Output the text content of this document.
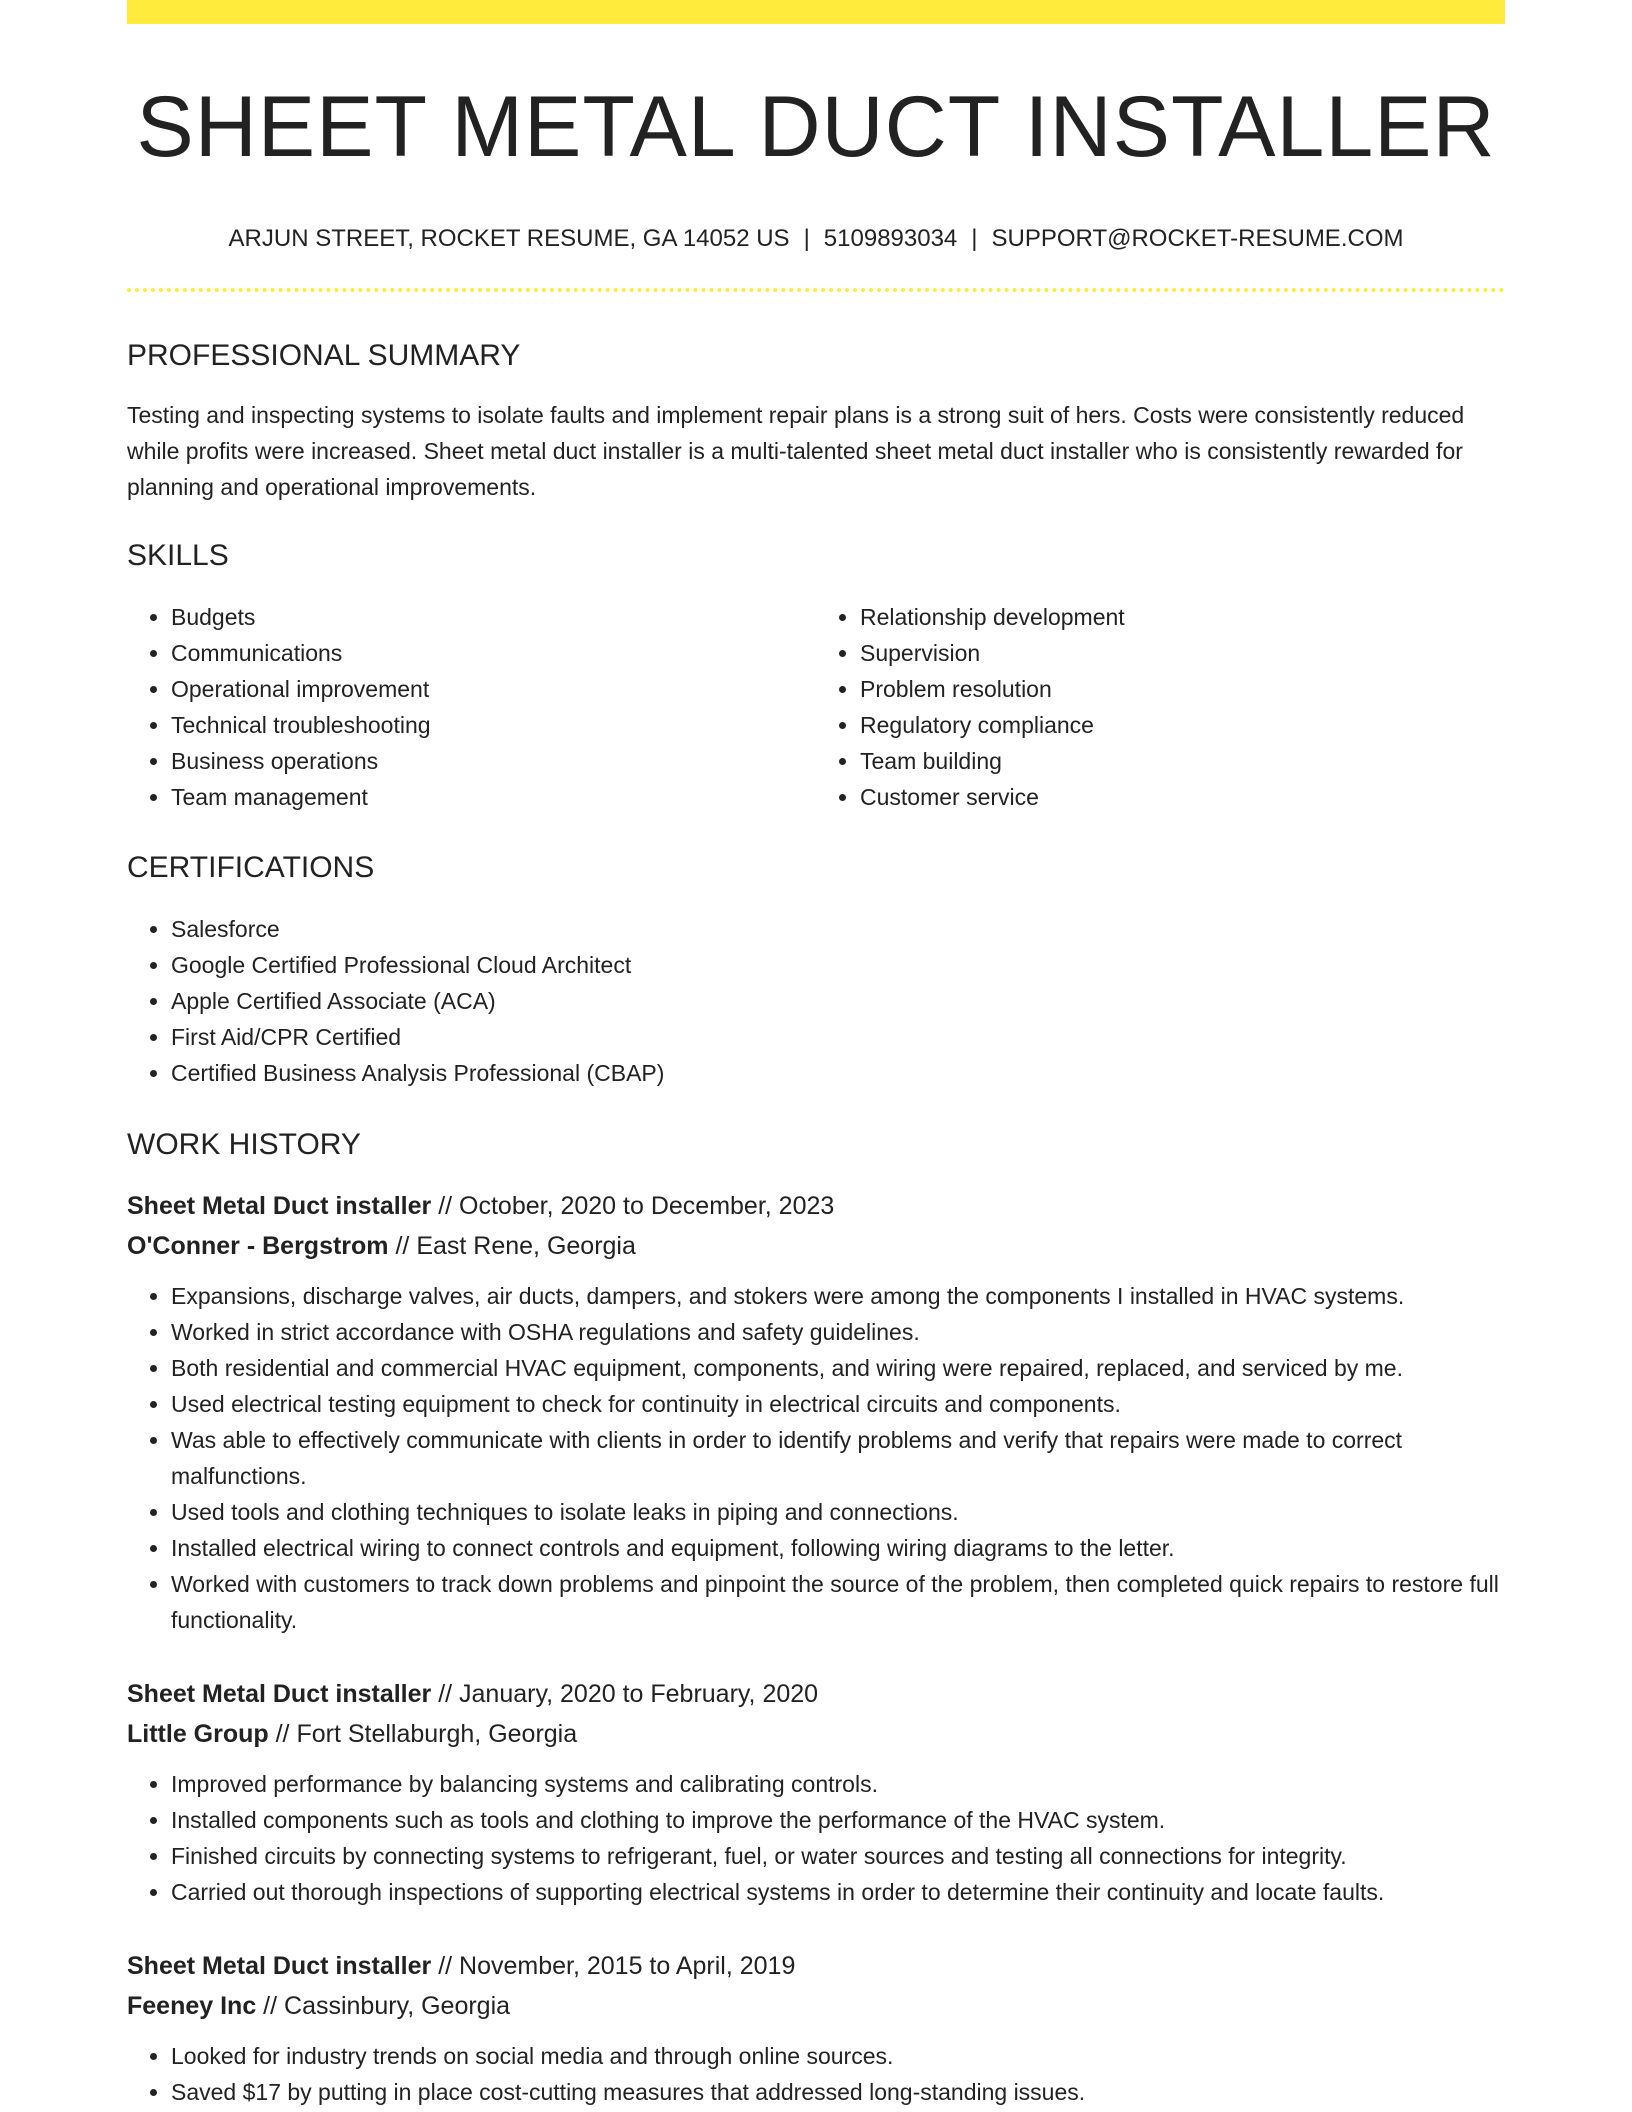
SHEET METAL DUCT INSTALLER
ARJUN STREET, ROCKET RESUME, GA 14052 US | 5109893034 | SUPPORT@ROCKET-RESUME.COM
PROFESSIONAL SUMMARY
Testing and inspecting systems to isolate faults and implement repair plans is a strong suit of hers. Costs were consistently reduced while profits were increased. Sheet metal duct installer is a multi-talented sheet metal duct installer who is consistently rewarded for planning and operational improvements.
SKILLS
• Budgets
• Communications
• Operational improvement
• Technical troubleshooting
• Business operations
• Team management
• Relationship development
• Supervision
• Problem resolution
• Regulatory compliance
• Team building
• Customer service
CERTIFICATIONS
• Salesforce
• Google Certified Professional Cloud Architect
• Apple Certified Associate (ACA)
• First Aid/CPR Certified
• Certified Business Analysis Professional (CBAP)
WORK HISTORY
Sheet Metal Duct installer // October, 2020 to December, 2023
O'Conner - Bergstrom // East Rene, Georgia
• Expansions, discharge valves, air ducts, dampers, and stokers were among the components I installed in HVAC systems.
• Worked in strict accordance with OSHA regulations and safety guidelines.
• Both residential and commercial HVAC equipment, components, and wiring were repaired, replaced, and serviced by me.
• Used electrical testing equipment to check for continuity in electrical circuits and components.
• Was able to effectively communicate with clients in order to identify problems and verify that repairs were made to correct malfunctions.
• Used tools and clothing techniques to isolate leaks in piping and connections.
• Installed electrical wiring to connect controls and equipment, following wiring diagrams to the letter.
• Worked with customers to track down problems and pinpoint the source of the problem, then completed quick repairs to restore full functionality.
Sheet Metal Duct installer // January, 2020 to February, 2020
Little Group // Fort Stellaburgh, Georgia
• Improved performance by balancing systems and calibrating controls.
• Installed components such as tools and clothing to improve the performance of the HVAC system.
• Finished circuits by connecting systems to refrigerant, fuel, or water sources and testing all connections for integrity.
• Carried out thorough inspections of supporting electrical systems in order to determine their continuity and locate faults.
Sheet Metal Duct installer // November, 2015 to April, 2019
Feeney Inc // Cassinbury, Georgia
• Looked for industry trends on social media and through online sources.
• Saved $17 by putting in place cost-cutting measures that addressed long-standing issues.
